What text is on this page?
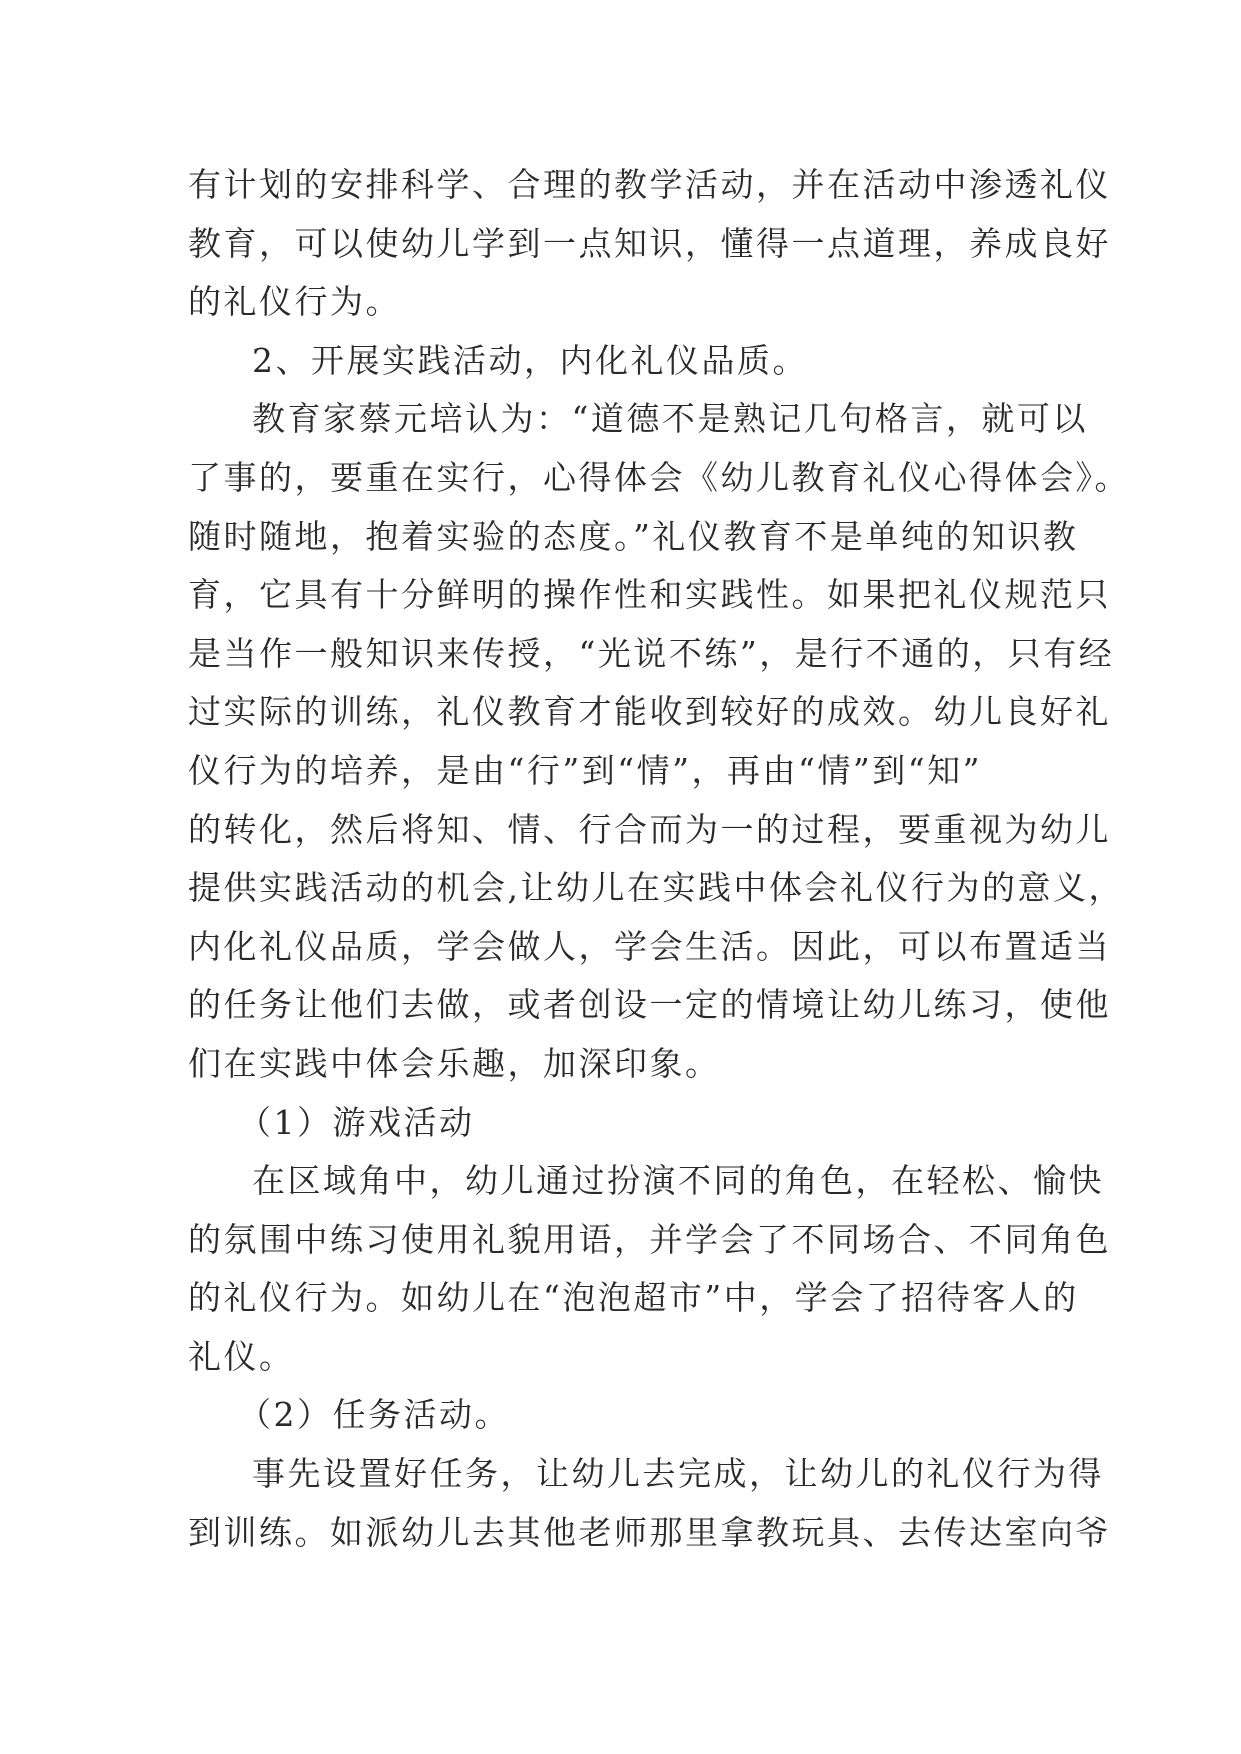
有计划的安排科学、合理的教学活动，并在活动中渗透礼仪
教育，可以使幼儿学到一点知识，懂得一点道理，养成良好
的礼仪行为。
2、开展实践活动，内化礼仪品质。
教育家蔡元培认为：“道德不是熟记几句格言，就可以
了事的，要重在实行，心得体会《幼儿教育礼仪心得体会》。
随时随地，抱着实验的态度。”礼仪教育不是单纯的知识教
育，它具有十分鲜明的操作性和实践性。如果把礼仪规范只
是当作一般知识来传授，“光说不练”，是行不通的，只有经
过实际的训练，礼仪教育才能收到较好的成效。幼儿良好礼
仪行为的培养，是由“行”到“情”，再由“情”到“知”
的转化，然后将知、情、行合而为一的过程，要重视为幼儿
提供实践活动的机会,让幼儿在实践中体会礼仪行为的意义，
内化礼仪品质，学会做人，学会生活。因此，可以布置适当
的任务让他们去做，或者创设一定的情境让幼儿练习，使他
们在实践中体会乐趣，加深印象。
（1）游戏活动
在区域角中，幼儿通过扮演不同的角色，在轻松、愉快
的氛围中练习使用礼貌用语，并学会了不同场合、不同角色
的礼仪行为。如幼儿在“泡泡超市”中，学会了招待客人的
礼仪。
（2）任务活动。
事先设置好任务，让幼儿去完成，让幼儿的礼仪行为得
到训练。如派幼儿去其他老师那里拿教玩具、去传达室向爷
